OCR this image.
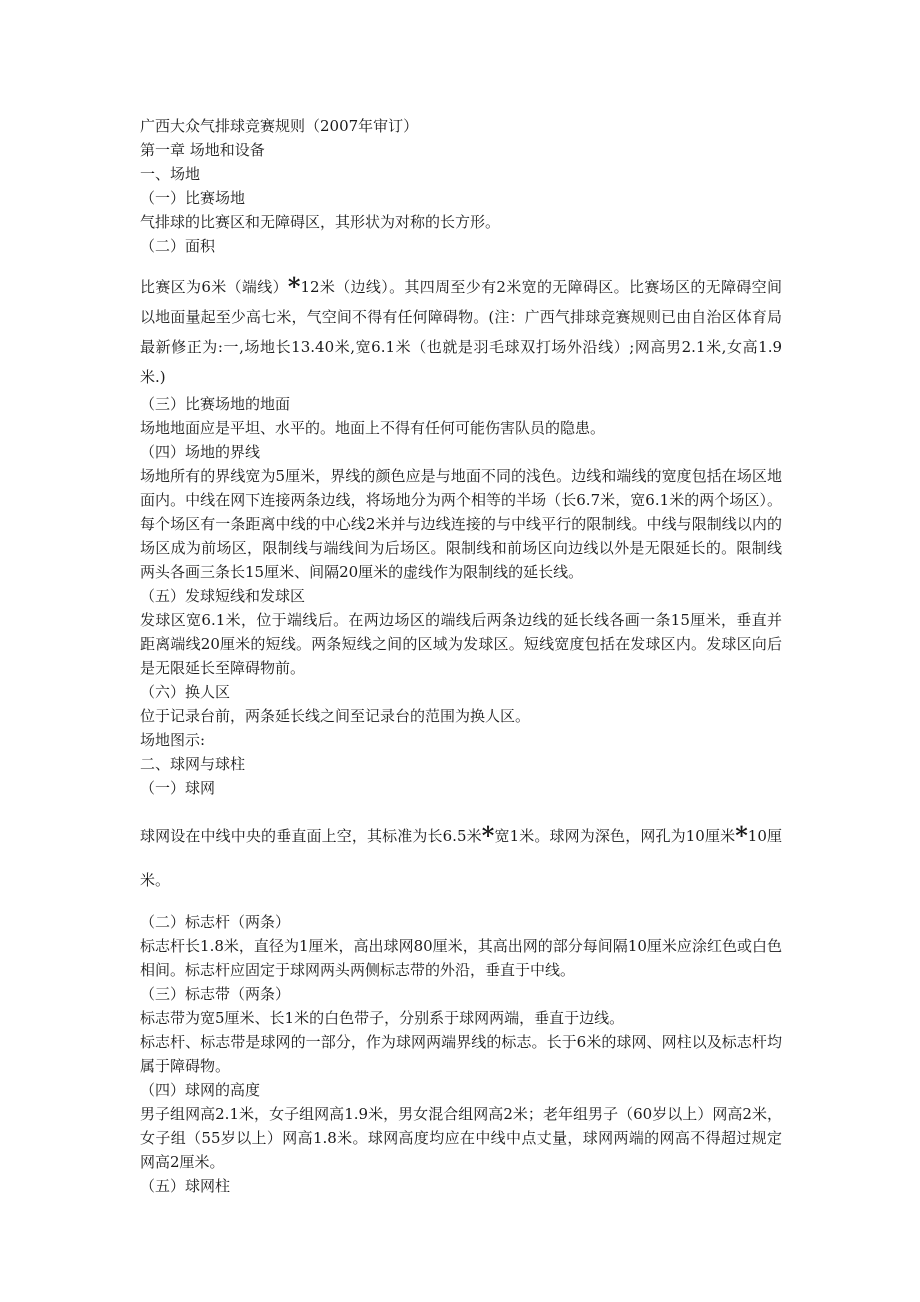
广西大众气排球竞赛规则（2007年审订）

第一章 场地和设备

一、场地

（一）比赛场地

气排球的比赛区和无障碍区，其形状为对称的长方形。

（二）面积

比赛区为6米（端线）*12米（边线）。其四周至少有2米宽的无障碍区。比赛场区的无障碍空间以地面量起至少高七米，气空间不得有任何障碍物。(注：广西气排球竞赛规则已由自治区体育局最新修正为:一,场地长13.40米,宽6.1米（也就是羽毛球双打场外沿线）;网高男2.1米,女高1.9米.)

（三）比赛场地的地面

场地地面应是平坦、水平的。地面上不得有任何可能伤害队员的隐患。

（四）场地的界线

场地所有的界线宽为5厘米，界线的颜色应是与地面不同的浅色。边线和端线的宽度包括在场区地面内。中线在网下连接两条边线，将场地分为两个相等的半场（长6.7米，宽6.1米的两个场区）。每个场区有一条距离中线的中心线2米并与边线连接的与中线平行的限制线。中线与限制线以内的场区成为前场区，限制线与端线间为后场区。限制线和前场区向边线以外是无限延长的。限制线两头各画三条长15厘米、间隔20厘米的虚线作为限制线的延长线。

（五）发球短线和发球区

发球区宽6.1米，位于端线后。在两边场区的端线后两条边线的延长线各画一条15厘米，垂直并距离端线20厘米的短线。两条短线之间的区域为发球区。短线宽度包括在发球区内。发球区向后是无限延长至障碍物前。

（六）换人区

位于记录台前，两条延长线之间至记录台的范围为换人区。

场地图示:

二、球网与球柱

（一）球网

球网设在中线中央的垂直面上空，其标准为长6.5米*宽1米。球网为深色，网孔为10厘米*10厘米。

（二）标志杆（两条）

标志杆长1.8米，直径为1厘米，高出球网80厘米，其高出网的部分每间隔10厘米应涂红色或白色相间。标志杆应固定于球网两头两侧标志带的外沿，垂直于中线。

（三）标志带（两条）

标志带为宽5厘米、长1米的白色带子，分别系于球网两端，垂直于边线。

标志杆、标志带是球网的一部分，作为球网两端界线的标志。长于6米的球网、网柱以及标志杆均属于障碍物。

（四）球网的高度

男子组网高2.1米，女子组网高1.9米，男女混合组网高2米；老年组男子（60岁以上）网高2米，女子组（55岁以上）网高1.8米。球网高度均应在中线中点丈量，球网两端的网高不得超过规定网高2厘米。

（五）球网柱
